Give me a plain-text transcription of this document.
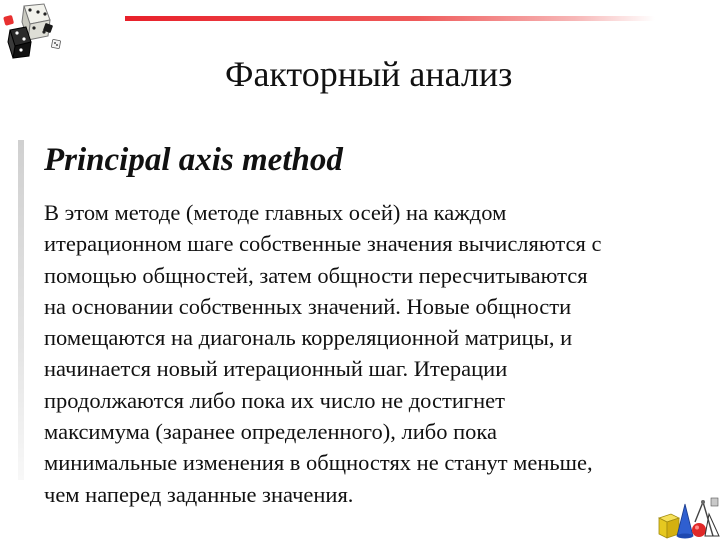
Факторный анализ
Principal axis method
В этом методе (методе главных осей) на каждом
итерационном шаге собственные значения вычисляются с
помощью общностей, затем общности пересчитываются
на основании собственных значений. Новые общности
помещаются на диагональ корреляционной матрицы, и
начинается новый итерационный шаг. Итерации
продолжаются либо пока их число не достигнет
максимума (заранее определенного), либо пока
минимальные изменения в общностях не станут меньше,
чем наперед заданные значения.
